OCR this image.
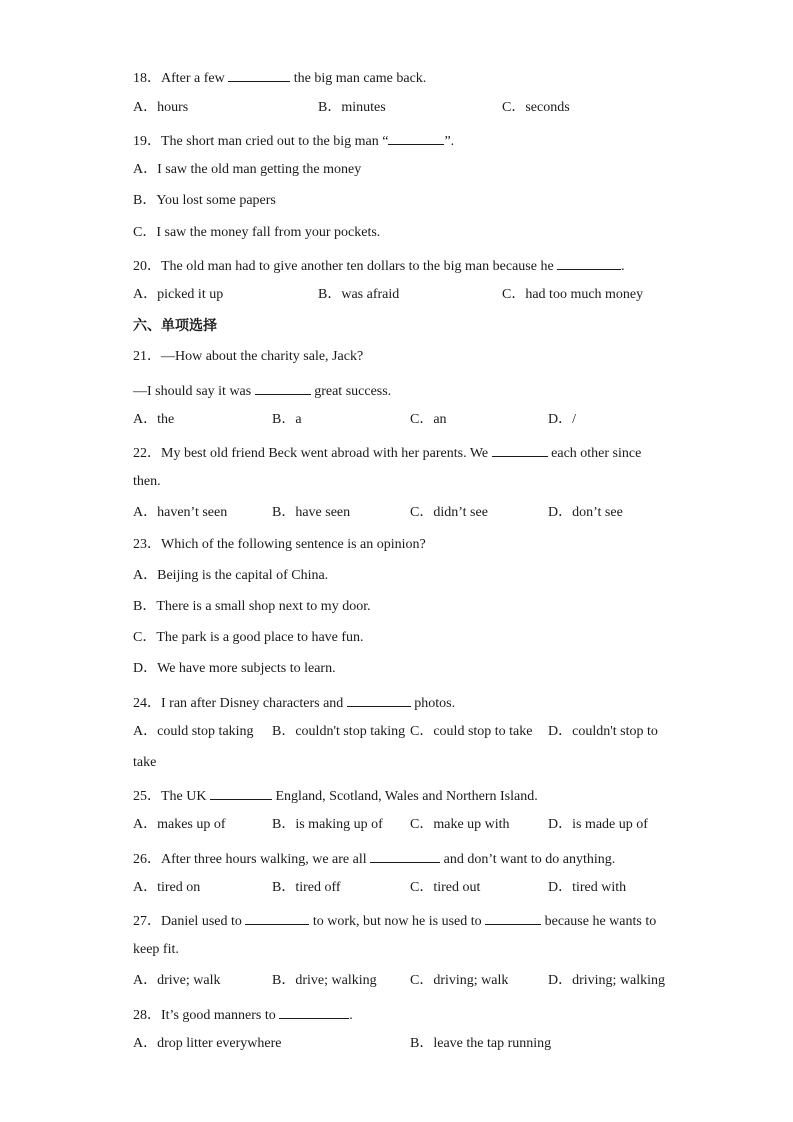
18．After a few	the big man came back.
A．hours	B．minutes	C．seconds
19．The short man cried out to the big man “	”.
A．I saw the old man getting the money
B．You lost some papers
C．I saw the money fall from your pockets.
20．The old man had to give another ten dollars to the big man because he	.
A．picked it up	B．was afraid	C．had too much money
六、单项选择
21．—How about the charity sale, Jack?
—I should say it was	great success.
A．the	B．a	C．an	D．/
22．My best old friend Beck went abroad with her parents. We	each other since
then.
A．haven’t seen	B．have seen	C．didn’t see	D．don’t see
23．Which of the following sentence is an opinion?
A．Beijing is the capital of China.
B．There is a small shop next to my door.
C．The park is a good place to have fun.
D．We have more subjects to learn.
24．I ran after Disney characters and	photos.
A．could stop taking B．couldn't stop taking C．could stop to take D．couldn't stop to
take
25．The UK	England, Scotland, Wales and Northern Island.
A．makes up of	B．is making up of C．make up with	D．is made up of
26．After three hours walking, we are all	and don’t want to do anything.
A．tired on	B．tired off	C．tired out	D．tired with
27．Daniel used to	to work, but now he is used to	because he wants to
keep fit.
A．drive; walk	B．drive; walking C．driving; walk	D．driving; walking
28．It’s good manners to	.
A．drop litter everywhere	B．leave the tap running
